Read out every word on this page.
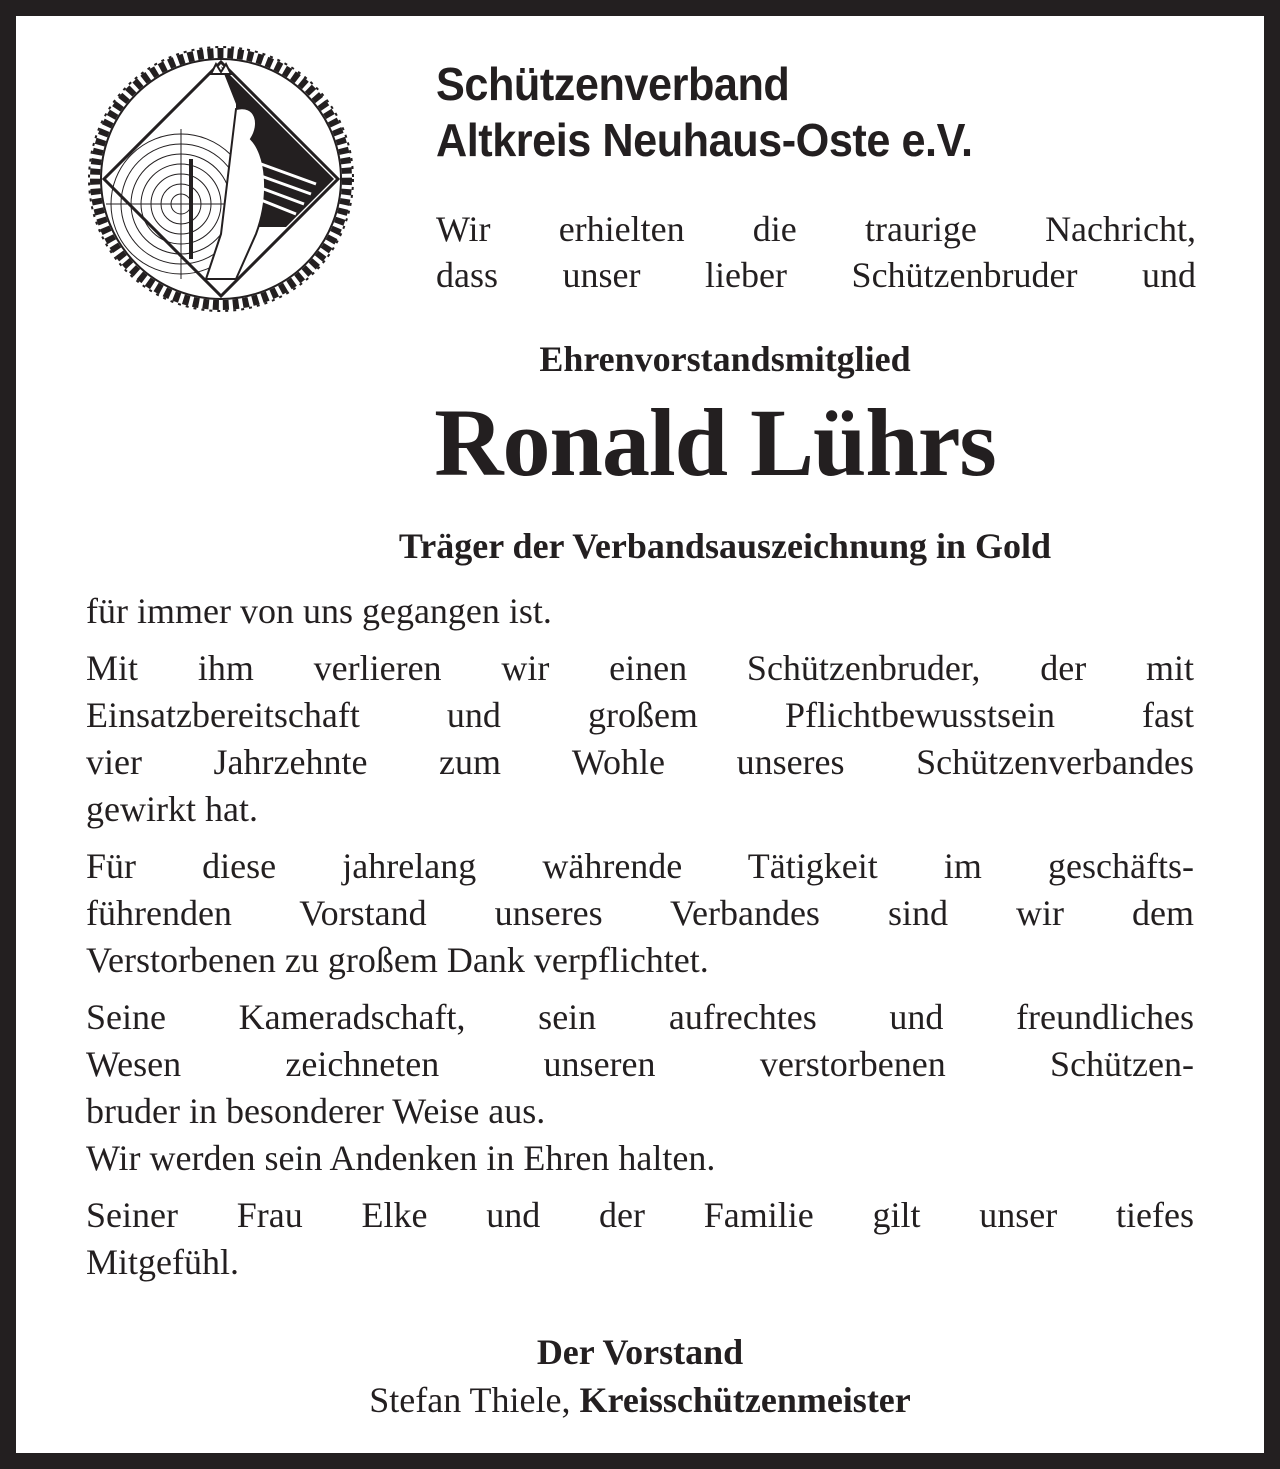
Schützenverband
Altkreis Neuhaus-Oste e.V.
Wir erhielten die traurige Nachricht,
dass unser lieber Schützenbruder und
Ehrenvorstandsmitglied
Ronald Lührs
Träger der Verbandsauszeichnung in Gold
für immer von uns gegangen ist.
Mit ihm verlieren wir einen Schützenbruder, der mit
Einsatzbereitschaft und großem Pflichtbewusstsein fast
vier Jahrzehnte zum Wohle unseres Schützenverbandes
gewirkt hat.
Für diese jahrelang währende Tätigkeit im geschäfts-
führenden Vorstand unseres Verbandes sind wir dem
Verstorbenen zu großem Dank verpflichtet.
Seine Kameradschaft, sein aufrechtes und freundliches
Wesen zeichneten unseren verstorbenen Schützen-
bruder in besonderer Weise aus.
Wir werden sein Andenken in Ehren halten.
Seiner Frau Elke und der Familie gilt unser tiefes
Mitgefühl.
Der Vorstand
Stefan Thiele, Kreisschützenmeister
